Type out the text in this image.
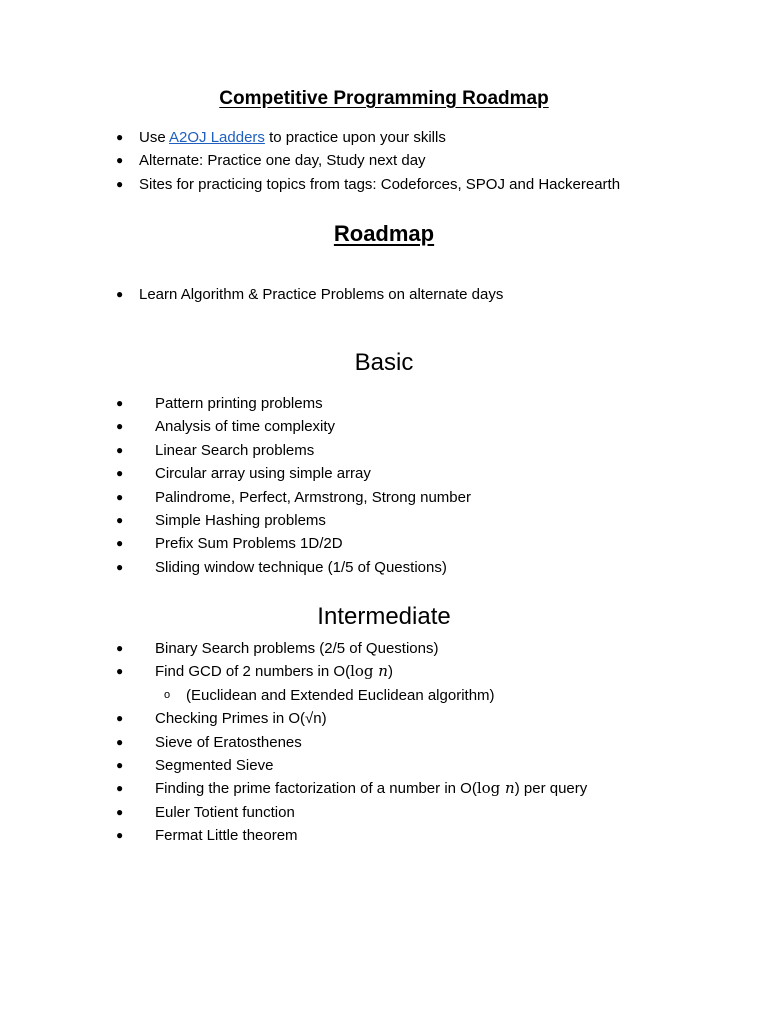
Competitive Programming Roadmap
● Use A2OJ Ladders to practice upon your skills
● Alternate: Practice one day, Study next day
● Sites for practicing topics from tags: Codeforces, SPOJ and Hackerearth
Roadmap
● Learn Algorithm & Practice Problems on alternate days
Basic
● Pattern printing problems
● Analysis of time complexity
● Linear Search problems
● Circular array using simple array
● Palindrome, Perfect, Armstrong, Strong number
● Simple Hashing problems
● Prefix Sum Problems 1D/2D
● Sliding window technique (1/5 of Questions)
Intermediate
● Binary Search problems (2/5 of Questions)
● Find GCD of 2 numbers in O(log n)
o (Euclidean and Extended Euclidean algorithm)
● Checking Primes in O(√n)
● Sieve of Eratosthenes
● Segmented Sieve
● Finding the prime factorization of a number in O(log n) per query
● Euler Totient function
● Fermat Little theorem
